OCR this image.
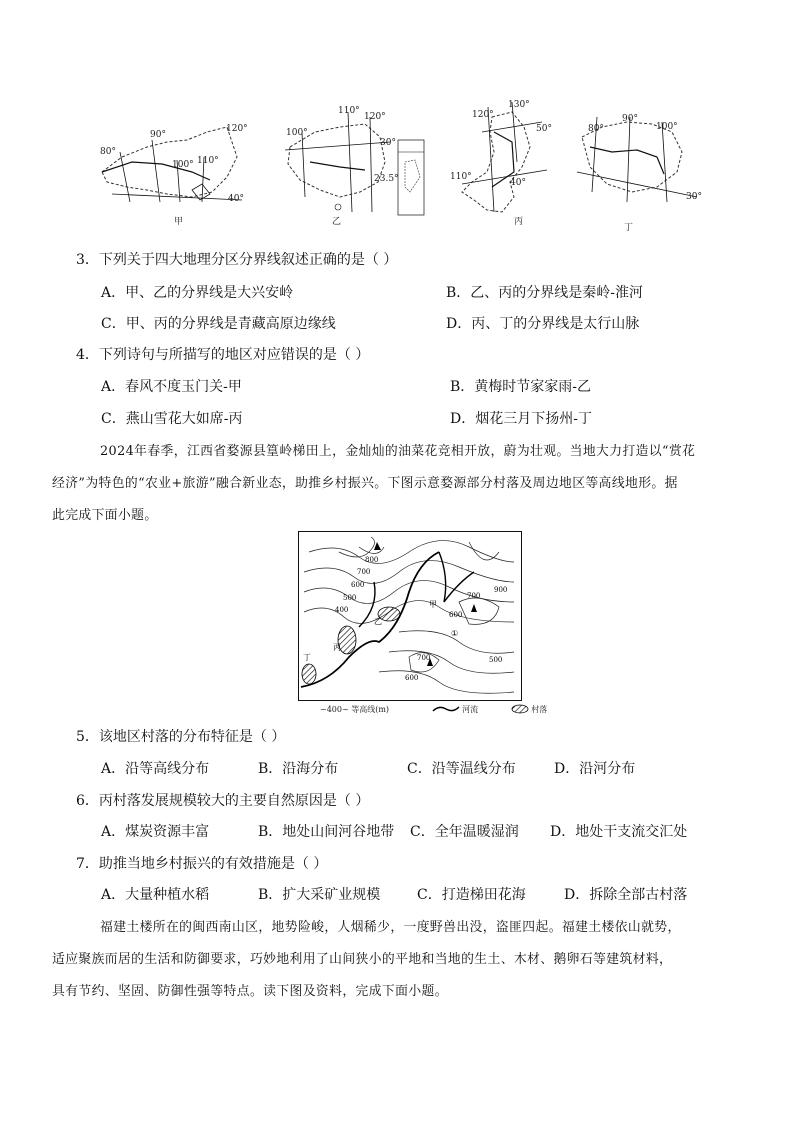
80°
90°
100° 110°
120°
40°
甲
110°
120°
100°
30°
23.5°
乙
120°
130°
50°
110°
40°
丙
80°
90°
100°
30°
丁
3．下列关于四大地理分区分界线叙述正确的是（ ）
A．甲、乙的分界线是大兴安岭	B．乙、丙的分界线是秦岭-淮河
C．甲、丙的分界线是青藏高原边缘线	D．丙、丁的分界线是太行山脉
4．下列诗句与所描写的地区对应错误的是（ ）
A．春风不度玉门关-甲	B．黄梅时节家家雨-乙
C．燕山雪花大如席-丙	D．烟花三月下扬州-丁
2024年春季，江西省婺源县篁岭梯田上，金灿灿的油菜花竞相开放，蔚为壮观。当地大力打造以“赏花
经济”为特色的“农业+旅游”融合新业态，助推乡村振兴。下图示意婺源部分村落及周边地区等高线地形。据
此完成下面小题。
800
700
600
500
400
甲
乙
丙
丁
①
900
700
600
500
600
700
~400~ 等高线(m)	河流	村落
5．该地区村落的分布特征是（ ）
A．沿等高线分布	B．沿海分布	C．沿等温线分布	D．沿河分布
6．丙村落发展规模较大的主要自然原因是（ ）
A．煤炭资源丰富	B．地处山间河谷地带 C．全年温暖湿润 D．地处干支流交汇处
7．助推当地乡村振兴的有效措施是（ ）
A．大量种植水稻	B．扩大采矿业规模	C．打造梯田花海	D．拆除全部古村落
福建土楼所在的闽西南山区，地势险峻，人烟稀少，一度野兽出没，盗匪四起。福建土楼依山就势，
适应聚族而居的生活和防御要求，巧妙地利用了山间狭小的平地和当地的生土、木材、鹅卵石等建筑材料，
具有节约、坚固、防御性强等特点。读下图及资料，完成下面小题。
